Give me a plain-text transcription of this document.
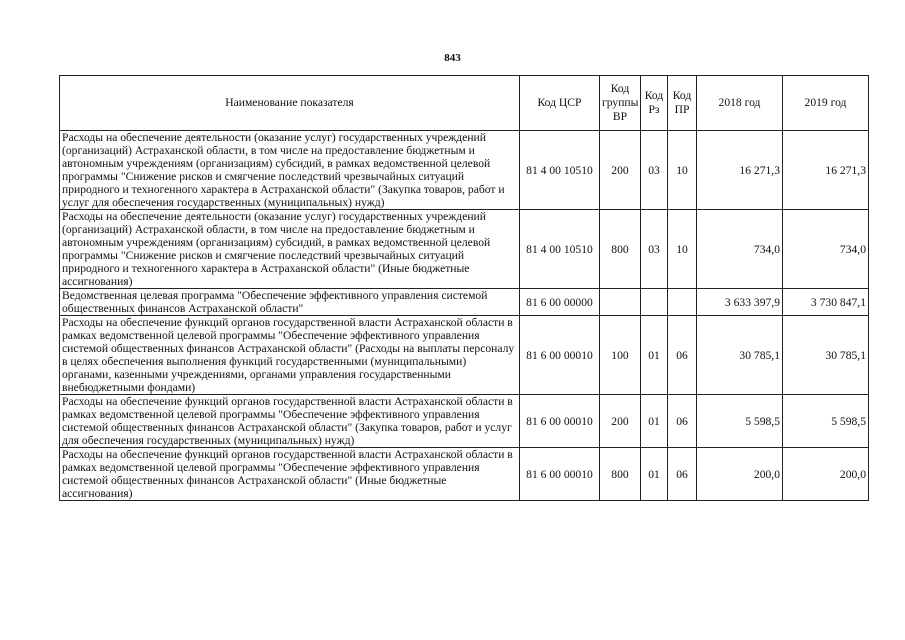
843
Наименование показателя	Код ЦСР	Код группы ВР	Код Рз	Код ПР	2018 год	2019 год
Расходы на обеспечение деятельности (оказание услуг) государственных учреждений (организаций) Астраханской области, в том числе на предоставление бюджетным и автономным учреждениям (организациям) субсидий, в рамках ведомственной целевой программы "Снижение рисков и смягчение последствий чрезвычайных ситуаций природного и техногенного характера в Астраханской области" (Закупка товаров, работ и услуг для обеспечения государственных (муниципальных) нужд)	81 4 00 10510	200	03	10	16 271,3	16 271,3
Расходы на обеспечение деятельности (оказание услуг) государственных учреждений (организаций) Астраханской области, в том числе на предоставление бюджетным и автономным учреждениям (организациям) субсидий, в рамках ведомственной целевой программы "Снижение рисков и смягчение последствий чрезвычайных ситуаций природного и техногенного характера в Астраханской области" (Иные бюджетные ассигнования)	81 4 00 10510	800	03	10	734,0	734,0
Ведомственная целевая программа "Обеспечение эффективного управления системой общественных финансов Астраханской области"	81 6 00 00000				3 633 397,9	3 730 847,1
Расходы на обеспечение функций органов государственной власти Астраханской области в рамках ведомственной целевой программы "Обеспечение эффективного управления системой общественных финансов Астраханской области" (Расходы на выплаты персоналу в целях обеспечения выполнения функций государственными (муниципальными) органами, казенными учреждениями, органами управления государственными внебюджетными фондами)	81 6 00 00010	100	01	06	30 785,1	30 785,1
Расходы на обеспечение функций органов государственной власти Астраханской области в рамках ведомственной целевой программы "Обеспечение эффективного управления системой общественных финансов Астраханской области" (Закупка товаров, работ и услуг для обеспечения государственных (муниципальных) нужд)	81 6 00 00010	200	01	06	5 598,5	5 598,5
Расходы на обеспечение функций органов государственной власти Астраханской области в рамках ведомственной целевой программы "Обеспечение эффективного управления системой общественных финансов Астраханской области" (Иные бюджетные ассигнования)	81 6 00 00010	800	01	06	200,0	200,0
